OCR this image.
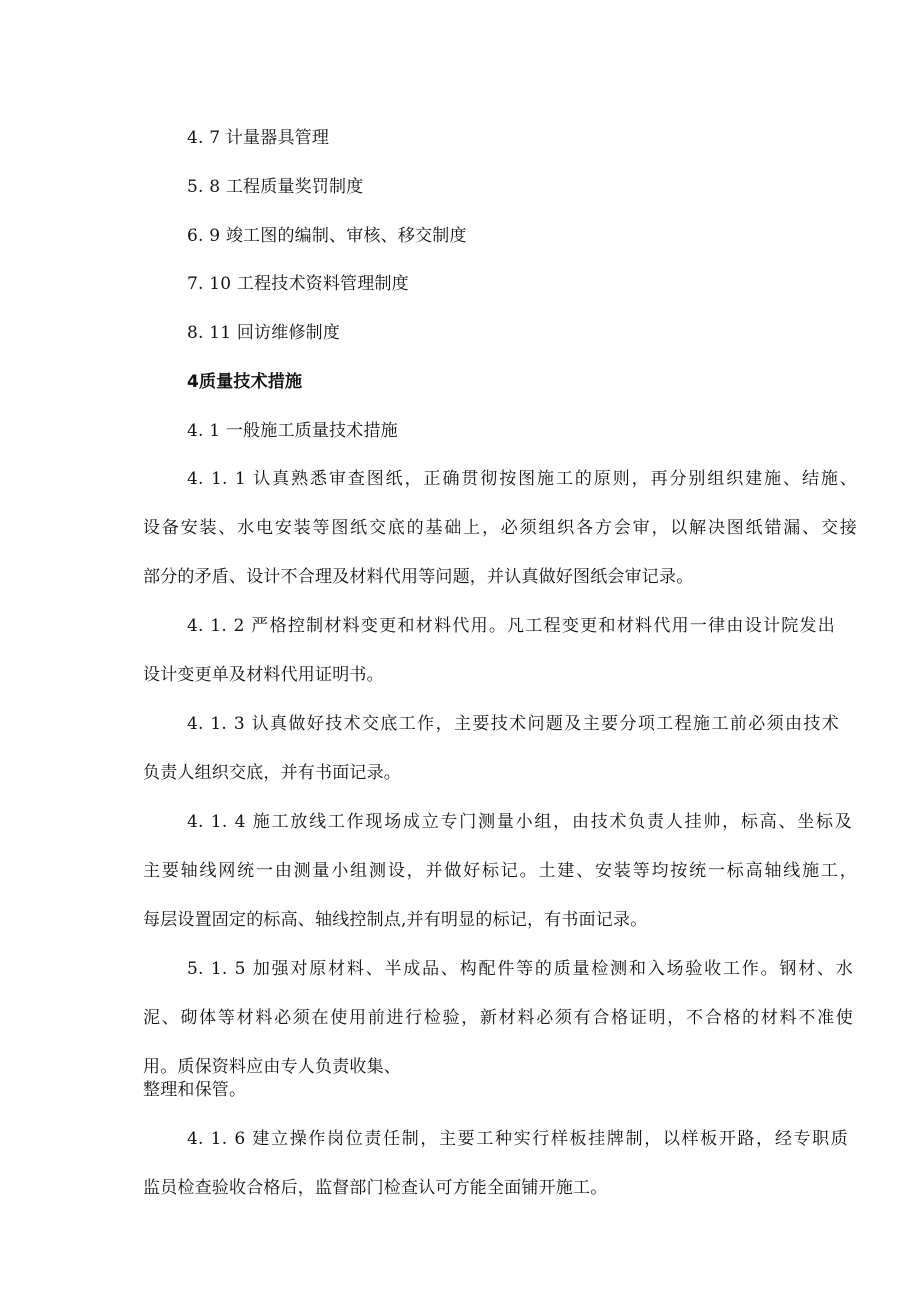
4. 7 计量器具管理

5. 8 工程质量奖罚制度

6. 9 竣工图的编制、审核、移交制度

7. 10 工程技术资料管理制度

8. 11 回访维修制度

4质量技术措施

4. 1 一般施工质量技术措施

4. 1. 1 认真熟悉审查图纸，正确贯彻按图施工的原则，再分别组织建施、结施、

设备安装、水电安装等图纸交底的基础上，必须组织各方会审，以解决图纸错漏、交接

部分的矛盾、设计不合理及材料代用等问题，并认真做好图纸会审记录。

4. 1. 2 严格控制材料变更和材料代用。凡工程变更和材料代用一律由设计院发出

设计变更单及材料代用证明书。

4. 1. 3 认真做好技术交底工作，主要技术问题及主要分项工程施工前必须由技术

负责人组织交底，并有书面记录。

4. 1. 4 施工放线工作现场成立专门测量小组，由技术负责人挂帅，标高、坐标及

主要轴线网统一由测量小组测设，并做好标记。土建、安装等均按统一标高轴线施工，

每层设置固定的标高、轴线控制点,并有明显的标记，有书面记录。

5. 1. 5 加强对原材料、半成品、构配件等的质量检测和入场验收工作。钢材、水

泥、砌体等材料必须在使用前进行检验，新材料必须有合格证明，不合格的材料不准使

用。质保资料应由专人负责收集、

整理和保管。

4. 1. 6 建立操作岗位责任制，主要工种实行样板挂牌制，以样板开路，经专职质

监员检查验收合格后，监督部门检查认可方能全面铺开施工。
